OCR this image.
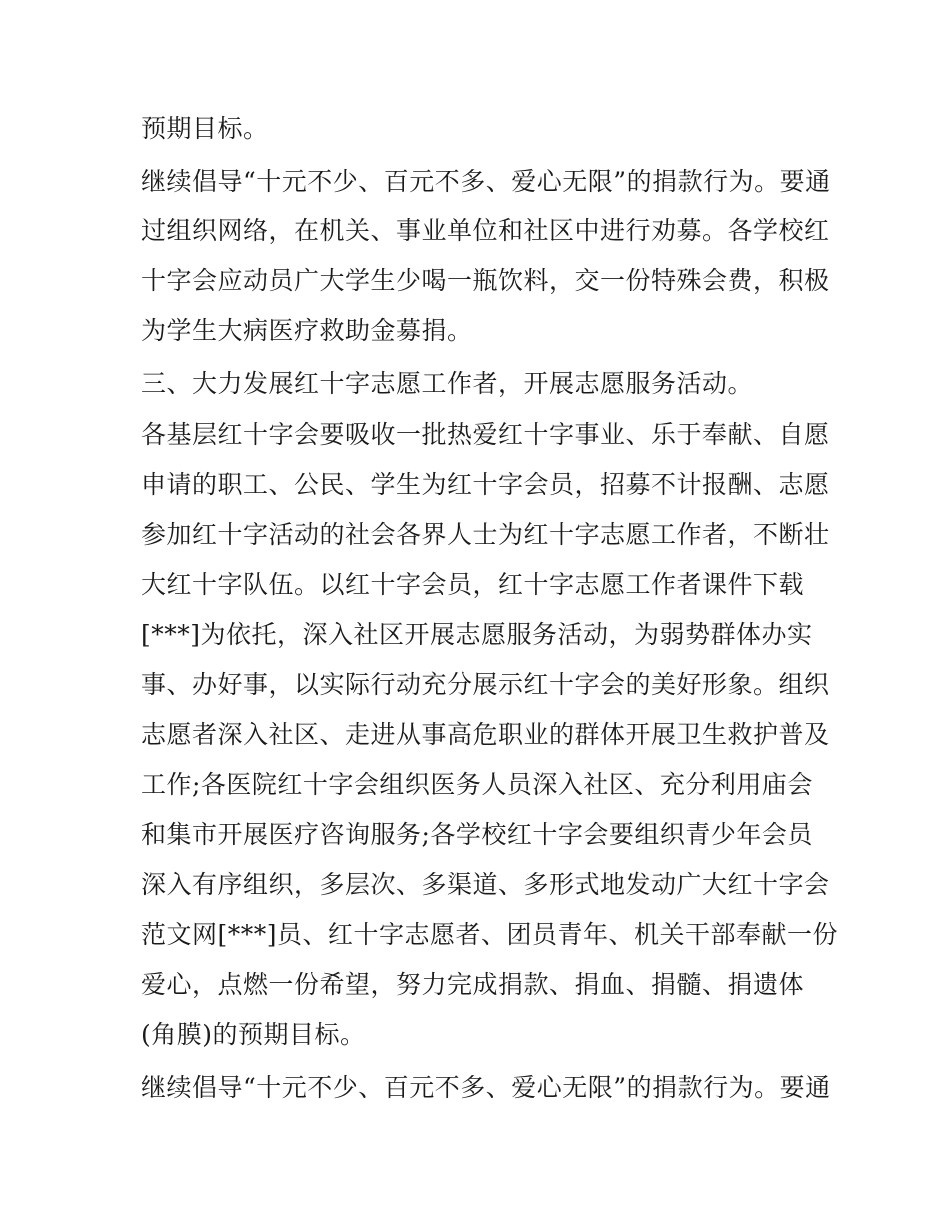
预期目标。
继续倡导“十元不少、百元不多、爱心无限”的捐款行为。要通
过组织网络，在机关、事业单位和社区中进行劝募。各学校红
十字会应动员广大学生少喝一瓶饮料，交一份特殊会费，积极
为学生大病医疗救助金募捐。
三、大力发展红十字志愿工作者，开展志愿服务活动。
各基层红十字会要吸收一批热爱红十字事业、乐于奉献、自愿
申请的职工、公民、学生为红十字会员，招募不计报酬、志愿
参加红十字活动的社会各界人士为红十字志愿工作者，不断壮
大红十字队伍。以红十字会员，红十字志愿工作者课件下载
[***]为依托，深入社区开展志愿服务活动，为弱势群体办实
事、办好事，以实际行动充分展示红十字会的美好形象。组织
志愿者深入社区、走进从事高危职业的群体开展卫生救护普及
工作;各医院红十字会组织医务人员深入社区、充分利用庙会
和集市开展医疗咨询服务;各学校红十字会要组织青少年会员
深入有序组织，多层次、多渠道、多形式地发动广大红十字会
范文网[***]员、红十字志愿者、团员青年、机关干部奉献一份
爱心，点燃一份希望，努力完成捐款、捐血、捐髓、捐遗体
(角膜)的预期目标。
继续倡导“十元不少、百元不多、爱心无限”的捐款行为。要通
